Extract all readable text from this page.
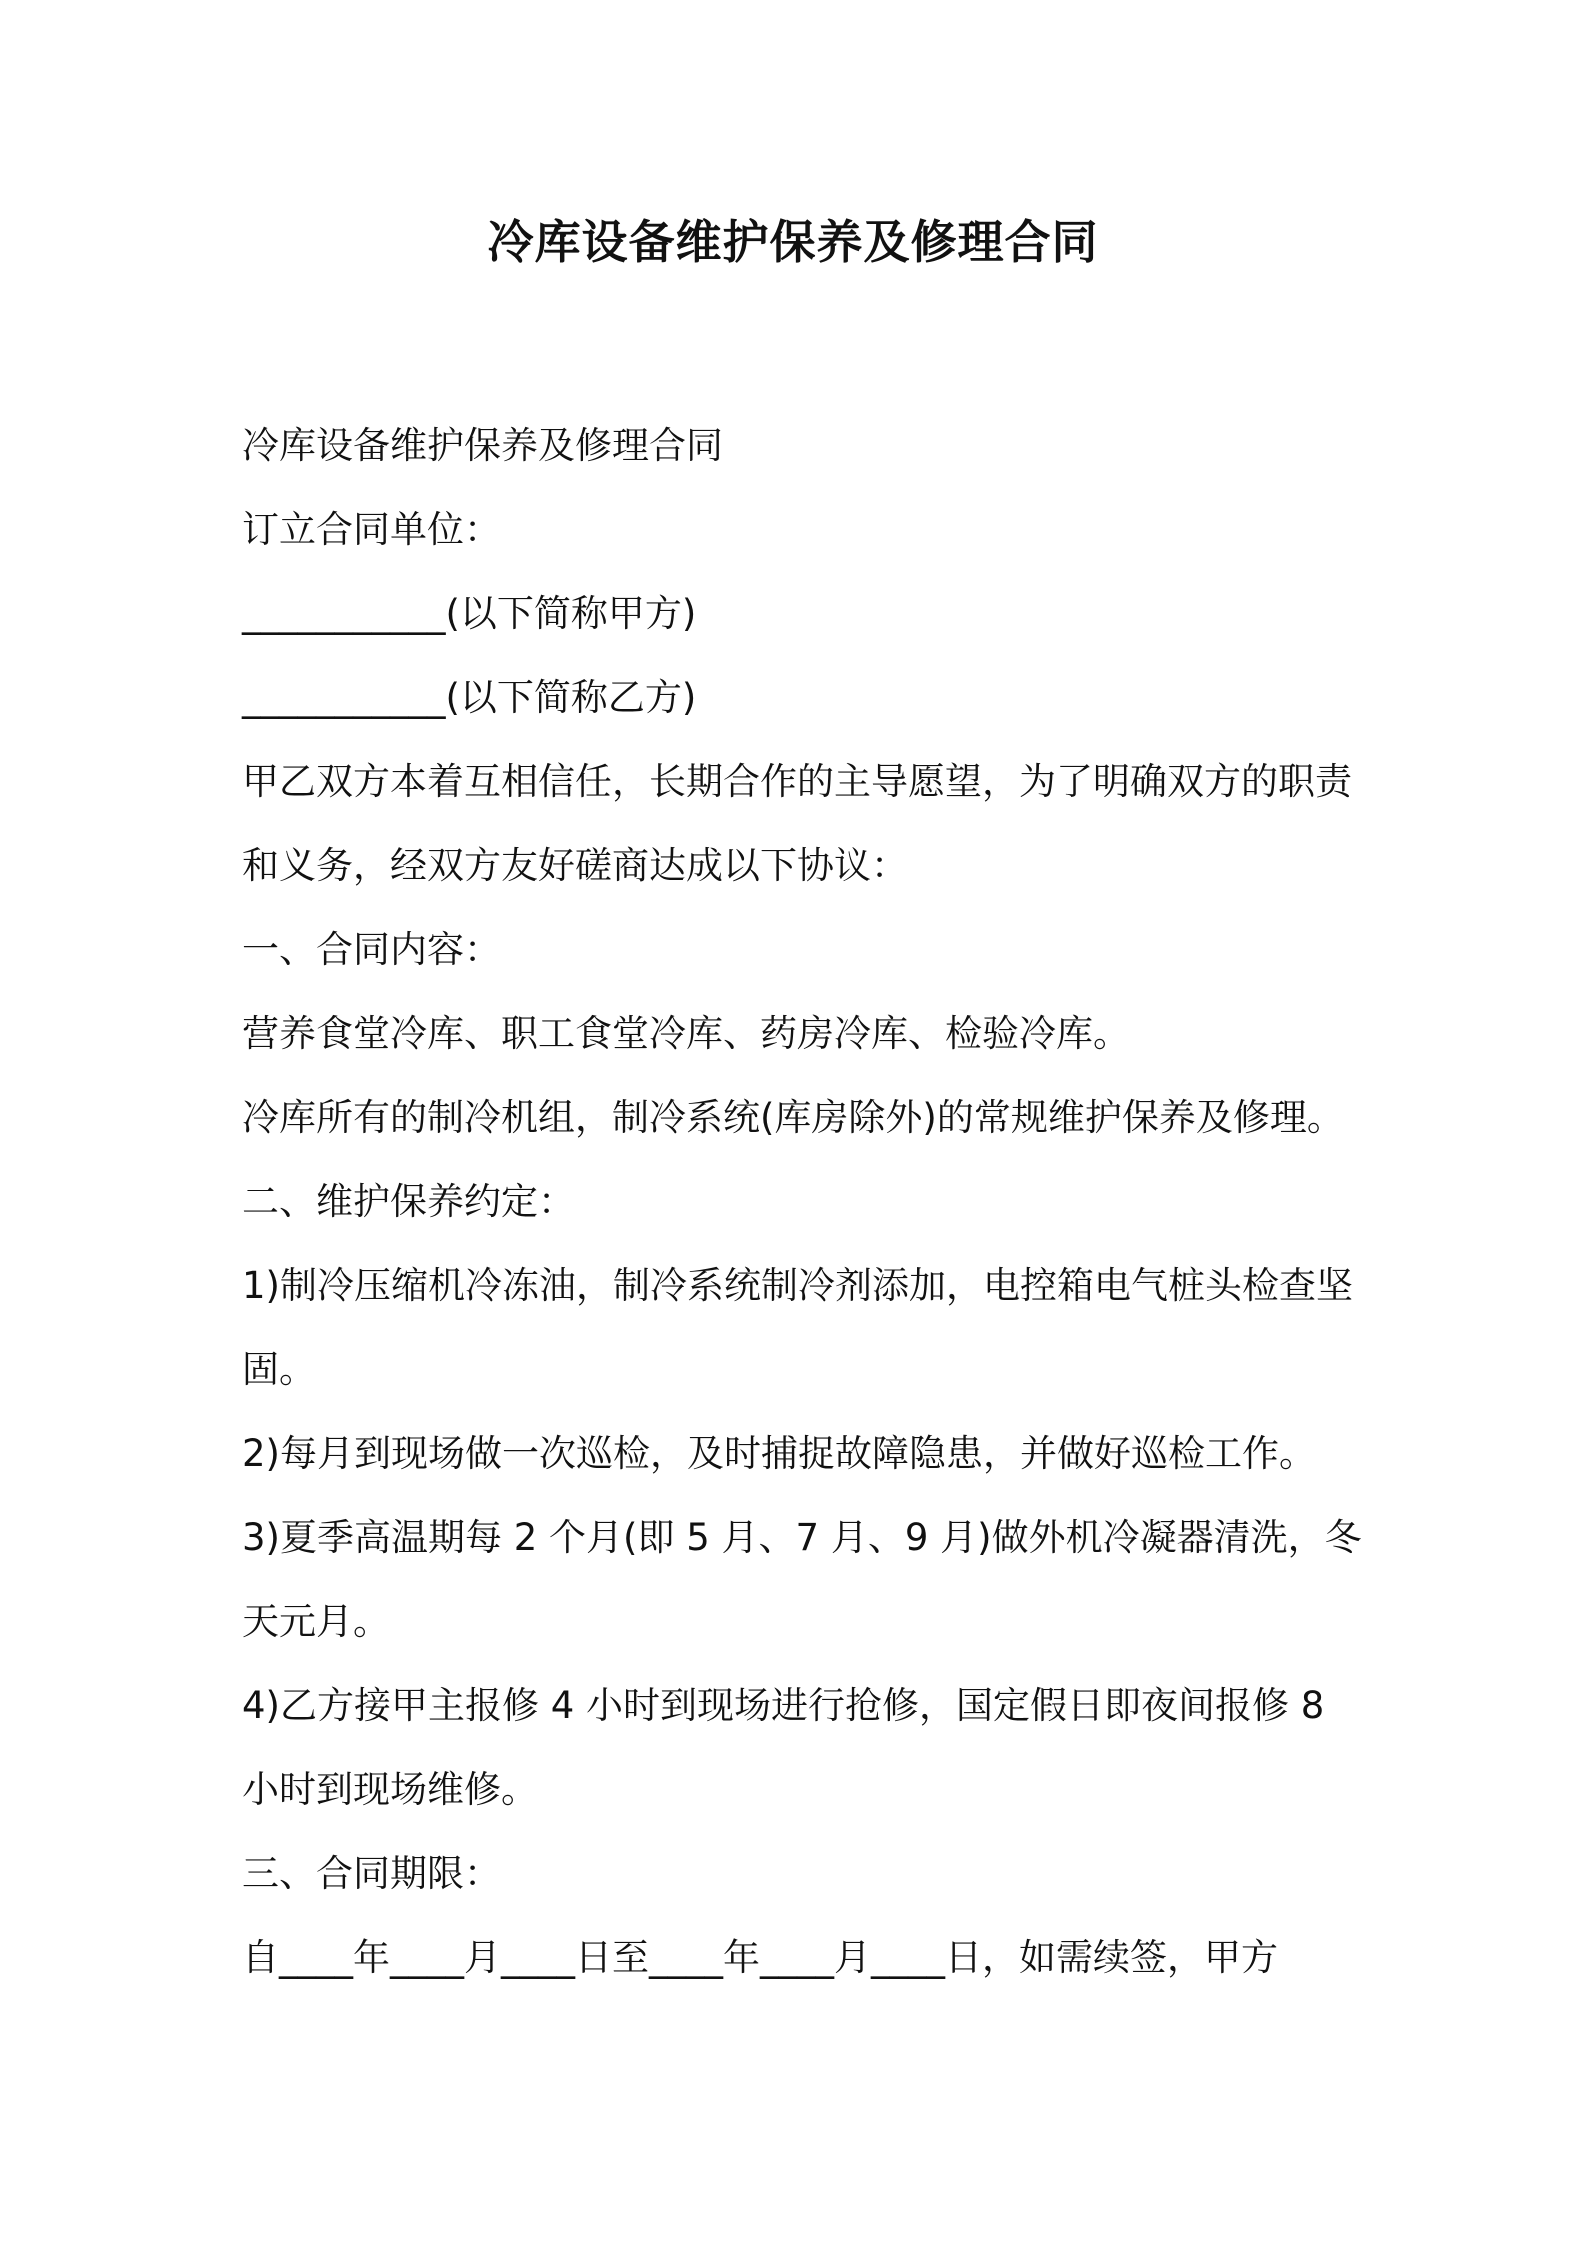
冷库设备维护保养及修理合同
冷库设备维护保养及修理合同
订立合同单位：
___________(以下简称甲方)
___________(以下简称乙方)
甲乙双方本着互相信任，长期合作的主导愿望，为了明确双方的职责
和义务，经双方友好磋商达成以下协议：
一、合同内容：
营养食堂冷库、职工食堂冷库、药房冷库、检验冷库。
冷库所有的制冷机组，制冷系统(库房除外)的常规维护保养及修理。
二、维护保养约定：
1)制冷压缩机冷冻油，制冷系统制冷剂添加，电控箱电气桩头检查坚
固。
2)每月到现场做一次巡检，及时捕捉故障隐患，并做好巡检工作。
3)夏季高温期每 2 个月(即 5 月、7 月、9 月)做外机冷凝器清洗，冬
天元月。
4)乙方接甲主报修 4 小时到现场进行抢修，国定假日即夜间报修 8
小时到现场维修。
三、合同期限：
自____年____月____日至____年____月____日，如需续签，甲方
